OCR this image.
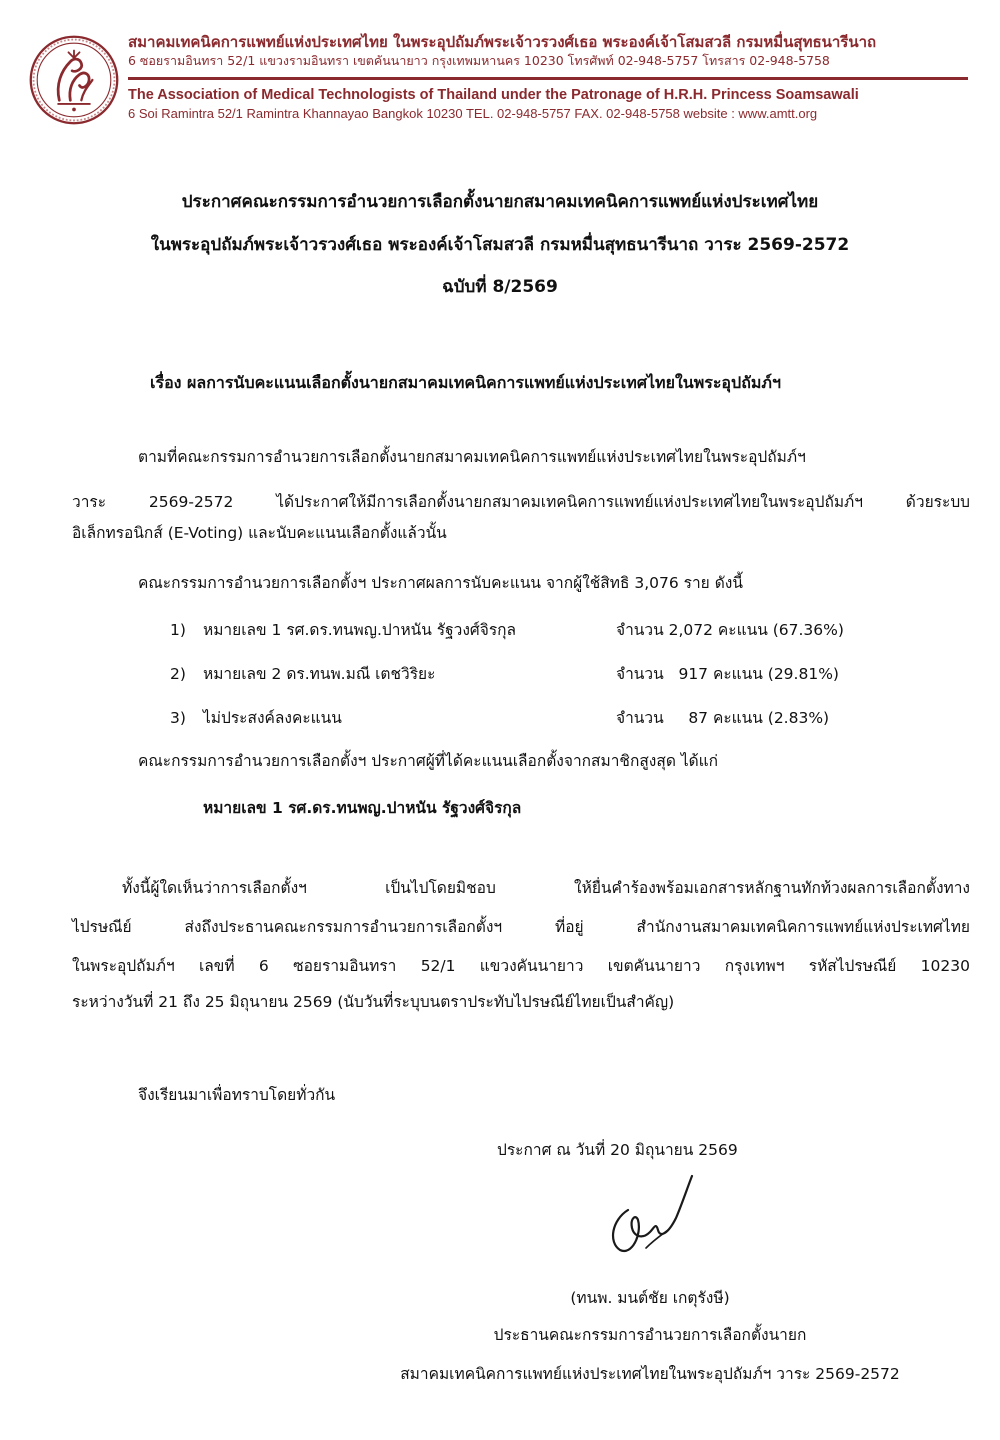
สมาคมเทคนิคการแพทย์แห่งประเทศไทย ในพระอุปถัมภ์พระเจ้าวรวงศ์เธอ พระองค์เจ้าโสมสวลี กรมหมื่นสุทธนารีนาถ
6 ซอยรามอินทรา 52/1 แขวงรามอินทรา เขตคันนายาว กรุงเทพมหานคร 10230 โทรศัพท์ 02-948-5757 โทรสาร 02-948-5758
The Association of Medical Technologists of Thailand under the Patronage of H.R.H. Princess Soamsawali
6 Soi Ramintra 52/1 Ramintra Khannayao Bangkok 10230 TEL. 02-948-5757 FAX. 02-948-5758 website : www.amtt.org
ประกาศคณะกรรมการอำนวยการเลือกตั้งนายกสมาคมเทคนิคการแพทย์แห่งประเทศไทย
ในพระอุปถัมภ์พระเจ้าวรวงศ์เธอ พระองค์เจ้าโสมสวลี กรมหมื่นสุทธนารีนาถ วาระ 2569-2572
ฉบับที่ 8/2569
เรื่อง ผลการนับคะแนนเลือกตั้งนายกสมาคมเทคนิคการแพทย์แห่งประเทศไทยในพระอุปถัมภ์ฯ
ตามที่คณะกรรมการอำนวยการเลือกตั้งนายกสมาคมเทคนิคการแพทย์แห่งประเทศไทยในพระอุปถัมภ์ฯ
วาระ 2569-2572 ได้ประกาศให้มีการเลือกตั้งนายกสมาคมเทคนิคการแพทย์แห่งประเทศไทยในพระอุปถัมภ์ฯ ด้วยระบบ
อิเล็กทรอนิกส์ (E-Voting) และนับคะแนนเลือกตั้งแล้วนั้น
คณะกรรมการอำนวยการเลือกตั้งฯ ประกาศผลการนับคะแนน จากผู้ใช้สิทธิ 3,076 ราย ดังนี้
1) หมายเลข 1 รศ.ดร.ทนพญ.ปาหนัน รัฐวงศ์จิรกุล	จำนวน 2,072 คะแนน (67.36%)
2) หมายเลข 2 ดร.ทนพ.มณี เตชวิริยะ	จำนวน   917 คะแนน (29.81%)
3) ไม่ประสงค์ลงคะแนน	จำนวน     87 คะแนน (2.83%)
คณะกรรมการอำนวยการเลือกตั้งฯ ประกาศผู้ที่ได้คะแนนเลือกตั้งจากสมาชิกสูงสุด ได้แก่
หมายเลข 1 รศ.ดร.ทนพญ.ปาหนัน รัฐวงศ์จิรกุล
ทั้งนี้ผู้ใดเห็นว่าการเลือกตั้งฯ เป็นไปโดยมิชอบ ให้ยื่นคำร้องพร้อมเอกสารหลักฐานทักท้วงผลการเลือกตั้งทาง
ไปรษณีย์ ส่งถึงประธานคณะกรรมการอำนวยการเลือกตั้งฯ ที่อยู่ สำนักงานสมาคมเทคนิคการแพทย์แห่งประเทศไทย
ในพระอุปถัมภ์ฯ เลขที่ 6 ซอยรามอินทรา 52/1 แขวงคันนายาว เขตคันนายาว กรุงเทพฯ รหัสไปรษณีย์ 10230
ระหว่างวันที่ 21 ถึง 25 มิถุนายน 2569 (นับวันที่ระบุบนตราประทับไปรษณีย์ไทยเป็นสำคัญ)
จึงเรียนมาเพื่อทราบโดยทั่วกัน
ประกาศ ณ วันที่ 20 มิถุนายน 2569
(ทนพ. มนต์ชัย เกตุรังษี)
ประธานคณะกรรมการอำนวยการเลือกตั้งนายก
สมาคมเทคนิคการแพทย์แห่งประเทศไทยในพระอุปถัมภ์ฯ วาระ 2569-2572
